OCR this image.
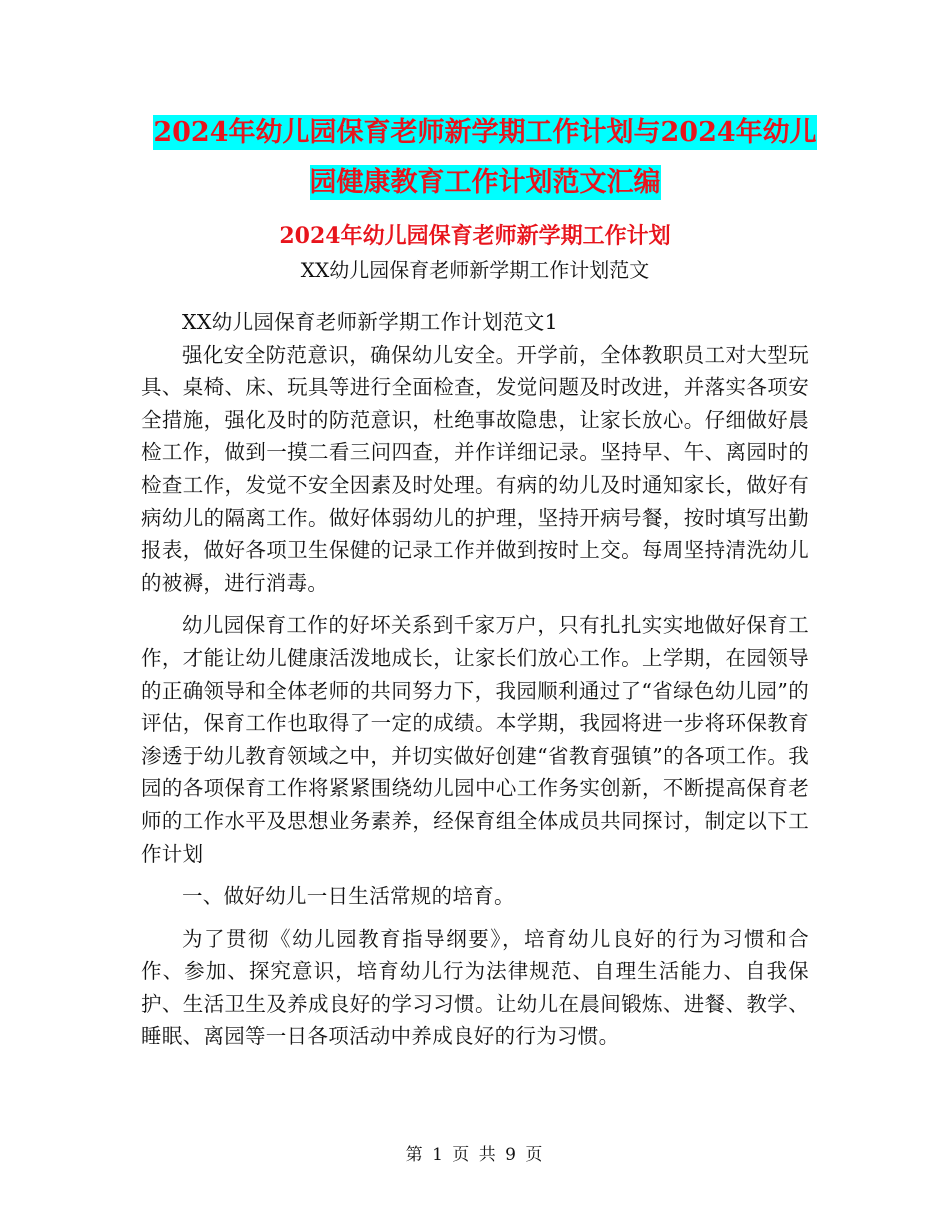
2024年幼儿园保育老师新学期工作计划与2024年幼儿园健康教育工作计划范文汇编
2024年幼儿园保育老师新学期工作计划
XX幼儿园保育老师新学期工作计划范文

XX幼儿园保育老师新学期工作计划范文1

强化安全防范意识，确保幼儿安全。开学前，全体教职员工对大型玩具、桌椅、床、玩具等进行全面检查，发觉问题及时改进，并落实各项安全措施，强化及时的防范意识，杜绝事故隐患，让家长放心。仔细做好晨检工作，做到一摸二看三问四查，并作详细记录。坚持早、午、离园时的检查工作，发觉不安全因素及时处理。有病的幼儿及时通知家长，做好有病幼儿的隔离工作。做好体弱幼儿的护理，坚持开病号餐，按时填写出勤报表，做好各项卫生保健的记录工作并做到按时上交。每周坚持清洗幼儿的被褥，进行消毒。

幼儿园保育工作的好坏关系到千家万户，只有扎扎实实地做好保育工作，才能让幼儿健康活泼地成长，让家长们放心工作。上学期，在园领导的正确领导和全体老师的共同努力下，我园顺利通过了“省绿色幼儿园”的评估，保育工作也取得了一定的成绩。本学期，我园将进一步将环保教育渗透于幼儿教育领域之中，并切实做好创建“省教育强镇”的各项工作。我园的各项保育工作将紧紧围绕幼儿园中心工作务实创新，不断提高保育老师的工作水平及思想业务素养，经保育组全体成员共同探讨，制定以下工作计划

一、做好幼儿一日生活常规的培育。

为了贯彻《幼儿园教育指导纲要》，培育幼儿良好的行为习惯和合作、参加、探究意识，培育幼儿行为法律规范、自理生活能力、自我保护、生活卫生及养成良好的学习习惯。让幼儿在晨间锻炼、进餐、教学、睡眠、离园等一日各项活动中养成良好的行为习惯。

第 1 页 共 9 页
